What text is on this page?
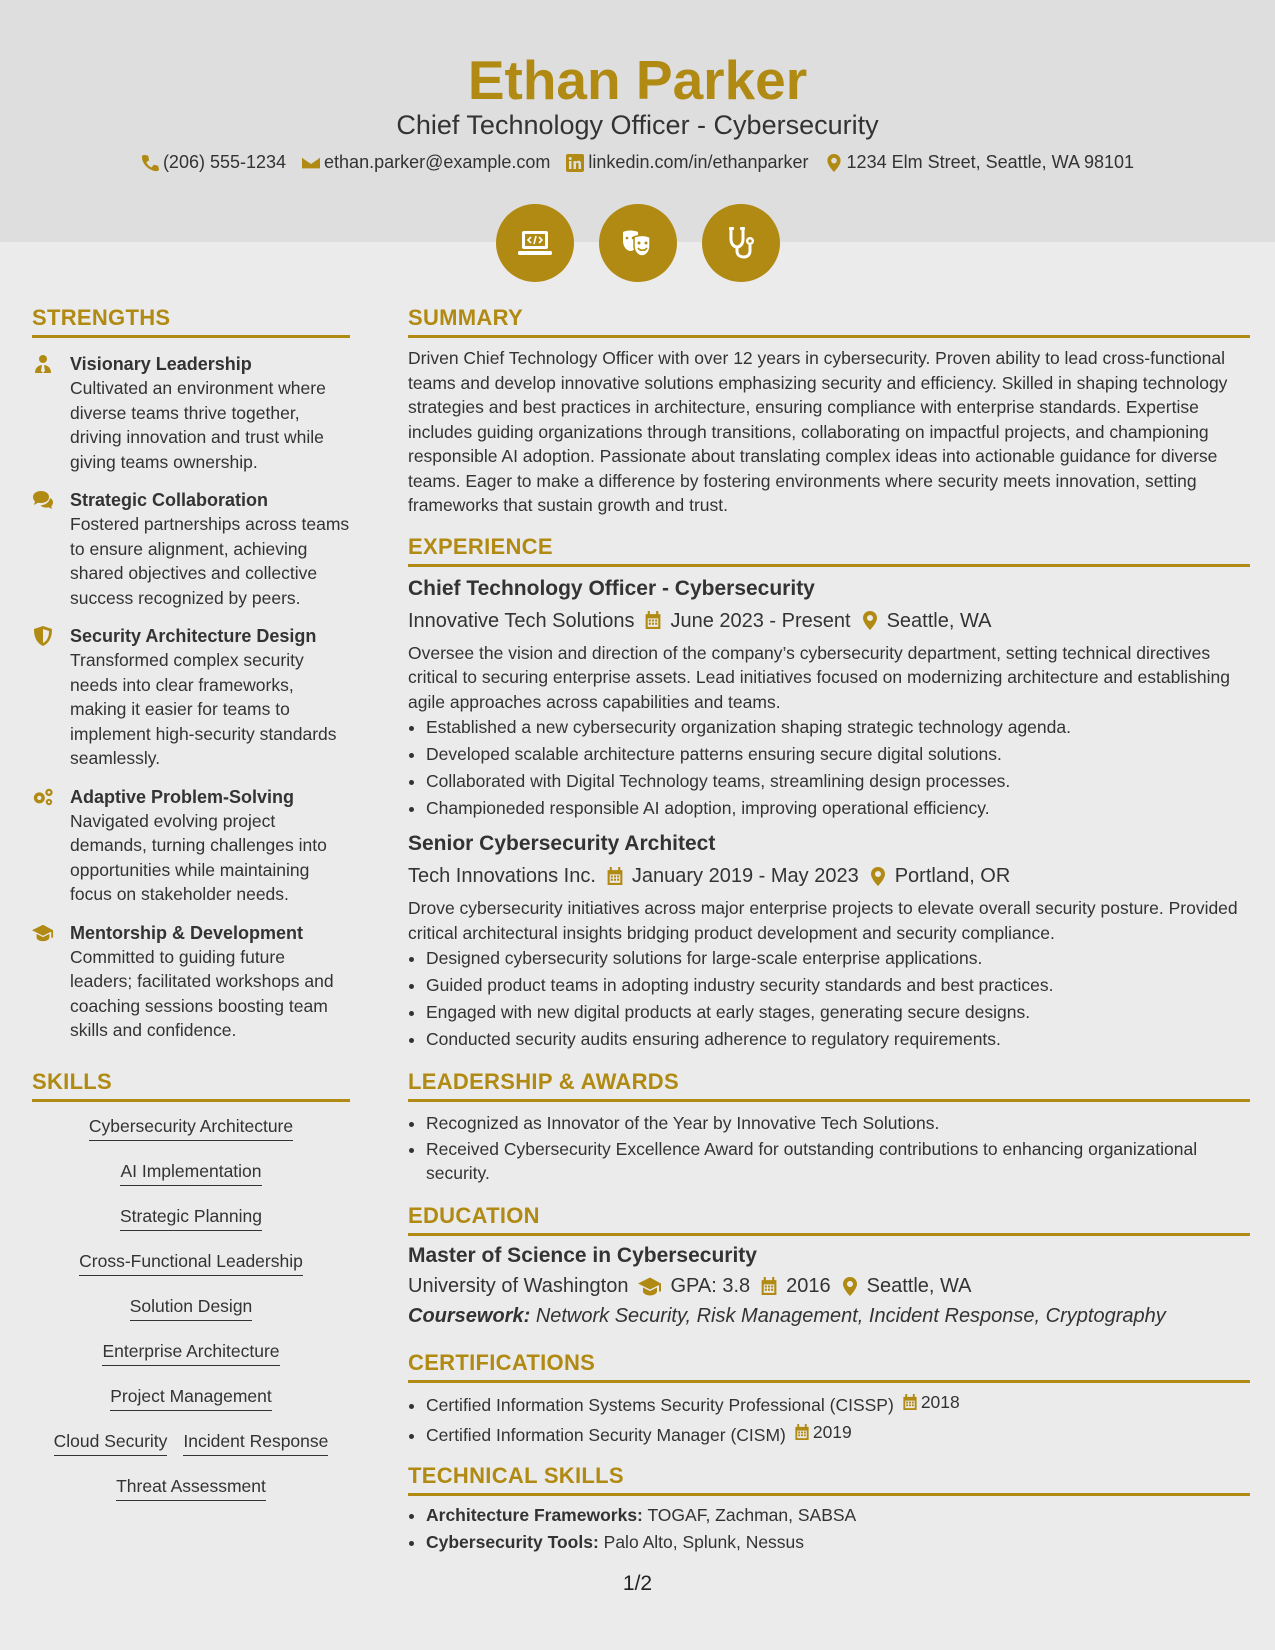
Ethan Parker
Chief Technology Officer - Cybersecurity
(206) 555-1234 ethan.parker@example.com linkedin.com/in/ethanparker 1234 Elm Street, Seattle, WA 98101
STRENGTHS
Visionary Leadership
Cultivated an environment where diverse teams thrive together, driving innovation and trust while giving teams ownership.
Strategic Collaboration
Fostered partnerships across teams to ensure alignment, achieving shared objectives and collective success recognized by peers.
Security Architecture Design
Transformed complex security needs into clear frameworks, making it easier for teams to implement high-security standards seamlessly.
Adaptive Problem-Solving
Navigated evolving project demands, turning challenges into opportunities while maintaining focus on stakeholder needs.
Mentorship & Development
Committed to guiding future leaders; facilitated workshops and coaching sessions boosting team skills and confidence.
SKILLS
Cybersecurity Architecture
AI Implementation
Strategic Planning
Cross-Functional Leadership
Solution Design
Enterprise Architecture
Project Management
Cloud Security Incident Response
Threat Assessment
SUMMARY
Driven Chief Technology Officer with over 12 years in cybersecurity. Proven ability to lead cross-functional teams and develop innovative solutions emphasizing security and efficiency. Skilled in shaping technology strategies and best practices in architecture, ensuring compliance with enterprise standards. Expertise includes guiding organizations through transitions, collaborating on impactful projects, and championing responsible AI adoption. Passionate about translating complex ideas into actionable guidance for diverse teams. Eager to make a difference by fostering environments where security meets innovation, setting frameworks that sustain growth and trust.
EXPERIENCE
Chief Technology Officer - Cybersecurity
Innovative Tech Solutions June 2023 - Present Seattle, WA
Oversee the vision and direction of the company’s cybersecurity department, setting technical directives critical to securing enterprise assets. Lead initiatives focused on modernizing architecture and establishing agile approaches across capabilities and teams.
• Established a new cybersecurity organization shaping strategic technology agenda.
• Developed scalable architecture patterns ensuring secure digital solutions.
• Collaborated with Digital Technology teams, streamlining design processes.
• Championeded responsible AI adoption, improving operational efficiency.
Senior Cybersecurity Architect
Tech Innovations Inc. January 2019 - May 2023 Portland, OR
Drove cybersecurity initiatives across major enterprise projects to elevate overall security posture. Provided critical architectural insights bridging product development and security compliance.
• Designed cybersecurity solutions for large-scale enterprise applications.
• Guided product teams in adopting industry security standards and best practices.
• Engaged with new digital products at early stages, generating secure designs.
• Conducted security audits ensuring adherence to regulatory requirements.
LEADERSHIP & AWARDS
• Recognized as Innovator of the Year by Innovative Tech Solutions.
• Received Cybersecurity Excellence Award for outstanding contributions to enhancing organizational security.
EDUCATION
Master of Science in Cybersecurity
University of Washington GPA: 3.8 2016 Seattle, WA
Coursework: Network Security, Risk Management, Incident Response, Cryptography
CERTIFICATIONS
• Certified Information Systems Security Professional (CISSP) 2018
• Certified Information Security Manager (CISM) 2019
TECHNICAL SKILLS
• Architecture Frameworks: TOGAF, Zachman, SABSA
• Cybersecurity Tools: Palo Alto, Splunk, Nessus
1/2
